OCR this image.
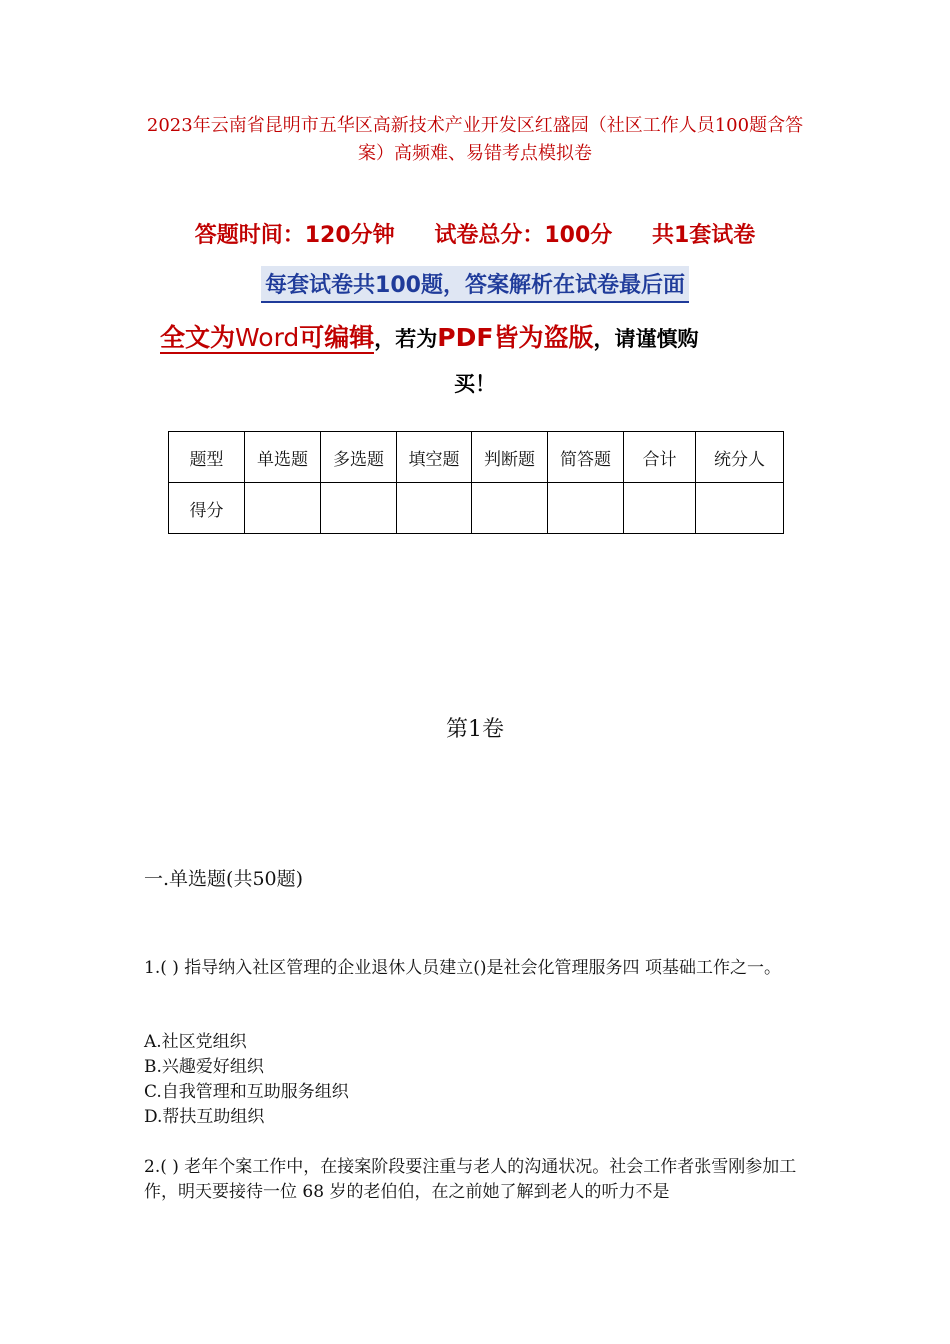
2023年云南省昆明市五华区高新技术产业开发区红盛园（社区工作人员100题含答案）高频难、易错考点模拟卷
答题时间：120分钟 试卷总分：100分 共1套试卷
每套试卷共100题，答案解析在试卷最后面
全文为Word可编辑，若为PDF皆为盗版，请谨慎购
买！
题型	单选题	多选题	填空题	判断题	简答题	合计	统分人
得分							
第1卷
一.单选题(共50题)
1.( ) 指导纳入社区管理的企业退休人员建立()是社会化管理服务四 项基础工作之一。
A.社区党组织
B.兴趣爱好组织
C.自我管理和互助服务组织
D.帮扶互助组织
2.( ) 老年个案工作中，在接案阶段要注重与老人的沟通状况。社会工作者张雪刚参加工作，明天要接待一位 68 岁的老伯伯，在之前她了解到老人的听力不是
